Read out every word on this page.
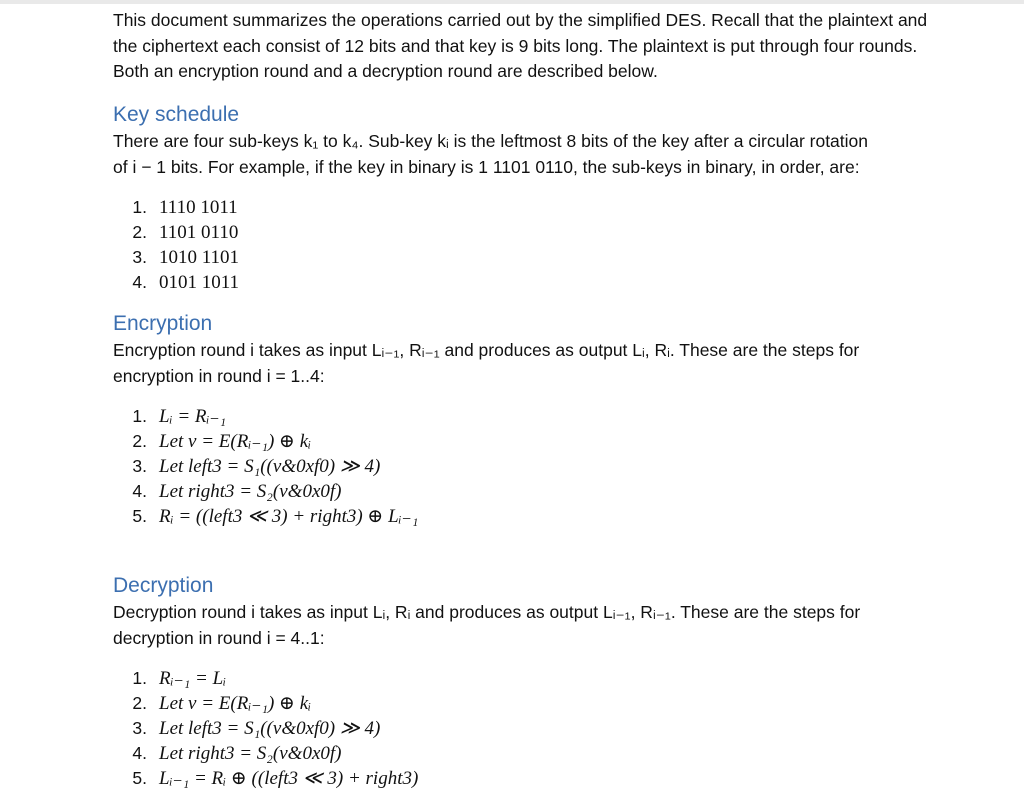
This document summarizes the operations carried out by the simplified DES. Recall that the plaintext and the ciphertext each consist of 12 bits and that key is 9 bits long. The plaintext is put through four rounds. Both an encryption round and a decryption round are described below.

Key schedule
There are four sub-keys k₁ to k₄. Sub-key kᵢ is the leftmost 8 bits of the key after a circular rotation
of i − 1 bits. For example, if the key in binary is 1 1101 0110, the sub-keys in binary, in order, are:
1. 1110 1011
2. 1101 0110
3. 1010 1101
4. 0101 1011
Encryption
Encryption round i takes as input Lᵢ₋₁, Rᵢ₋₁ and produces as output Lᵢ, Rᵢ. These are the steps for
encryption in round i = 1..4:
1. Lᵢ = Rᵢ₋₁
2. Let v = E(Rᵢ₋₁) ⊕ kᵢ
3. Let left3 = S₁((v&0xf0) ≫ 4)
4. Let right3 = S₂(v&0x0f)
5. Rᵢ = ((left3 ≪ 3) + right3) ⊕ Lᵢ₋₁
Decryption
Decryption round i takes as input Lᵢ, Rᵢ and produces as output Lᵢ₋₁, Rᵢ₋₁. These are the steps for
decryption in round i = 4..1:
1. Rᵢ₋₁ = Lᵢ
2. Let v = E(Rᵢ₋₁) ⊕ kᵢ
3. Let left3 = S₁((v&0xf0) ≫ 4)
4. Let right3 = S₂(v&0x0f)
5. Lᵢ₋₁ = Rᵢ ⊕ ((left3 ≪ 3) + right3)
